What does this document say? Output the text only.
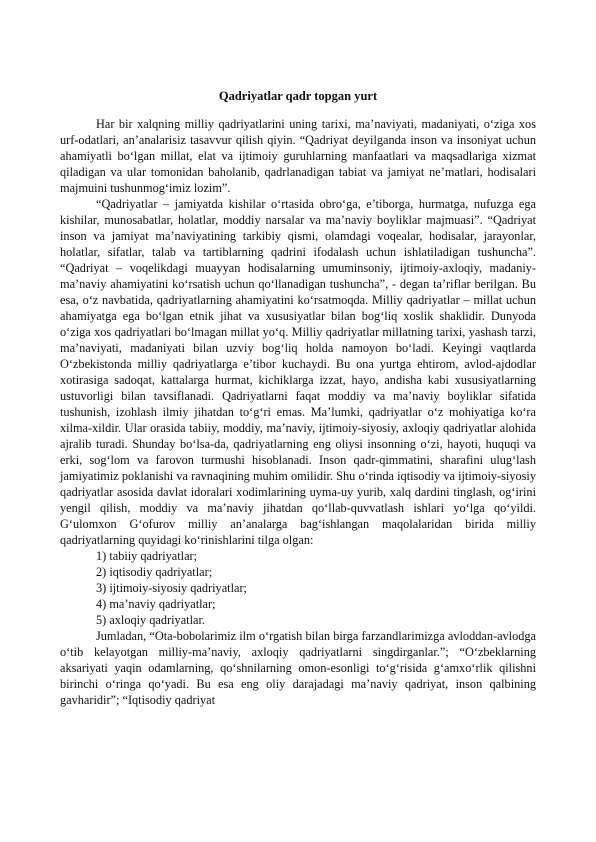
Qadriyatlar qadr topgan yurt

Har bir xalqning milliy qadriyatlarini uning tarixi, ma’naviyati, madaniyati, o‘ziga xos urf-odatlari, an’analarisiz tasavvur qilish qiyin. “Qadriyat deyilganda inson va insoniyat uchun ahamiyatli bo‘lgan millat, elat va ijtimoiy guruhlarning manfaatlari va maqsadlariga xizmat qiladigan va ular tomonidan baholanib, qadrlanadigan tabiat va jamiyat ne’matlari, hodisalari majmuini tushunmog‘imiz lozim”.

“Qadriyatlar – jamiyatda kishilar o‘rtasida obro‘ga, e’tiborga, hurmatga, nufuzga ega kishilar, munosabatlar, holatlar, moddiy narsalar va ma’naviy boyliklar majmuasi”. “Qadriyat inson va jamiyat ma’naviyatining tarkibiy qismi, olamdagi voqealar, hodisalar, jarayonlar, holatlar, sifatlar, talab va tartiblarning qadrini ifodalash uchun ishlatiladigan tushuncha”. “Qadriyat – voqelikdagi muayyan hodisalarning umuminsoniy, ijtimoiy-axloqiy, madaniy-ma’naviy ahamiyatini ko‘rsatish uchun qo‘llanadigan tushuncha”, - degan ta’riflar berilgan. Bu esa, o‘z navbatida, qadriyatlarning ahamiyatini ko‘rsatmoqda. Milliy qadriyatlar – millat uchun ahamiyatga ega bo‘lgan etnik jihat va xususiyatlar bilan bog‘liq xoslik shaklidir. Dunyoda o‘ziga xos qadriyatlari bo‘lmagan millat yo‘q. Milliy qadriyatlar millatning tarixi, yashash tarzi, ma’naviyati, madaniyati bilan uzviy bog‘liq holda namoyon bo‘ladi. Keyingi vaqtlarda O‘zbekistonda milliy qadriyatlarga e’tibor kuchaydi. Bu ona yurtga ehtirom, avlod-ajdodlar xotirasiga sadoqat, kattalarga hurmat, kichiklarga izzat, hayo, andisha kabi xususiyatlarning ustuvorligi bilan tavsiflanadi. Qadriyatlarni faqat moddiy va ma’naviy boyliklar sifatida tushunish, izohlash ilmiy jihatdan to‘g‘ri emas. Ma’lumki, qadriyatlar o‘z mohiyatiga ko‘ra xilma-xildir. Ular orasida tabiiy, moddiy, ma’naviy, ijtimoiy-siyosiy, axloqiy qadriyatlar alohida ajralib turadi. Shunday bo‘lsa-da, qadriyatlarning eng oliysi insonning o‘zi, hayoti, huquqi va erki, sog‘lom va farovon turmushi hisoblanadi. Inson qadr-qimmatini, sharafini ulug‘lash jamiyatimiz poklanishi va ravnaqining muhim omilidir. Shu o‘rinda iqtisodiy va ijtimoiy-siyosiy qadriyatlar asosida davlat idoralari xodimlarining uyma-uy yurib, xalq dardini tinglash, og‘irini yengil qilish, moddiy va ma’naviy jihatdan qo‘llab-quvvatlash ishlari yo‘lga qo‘yildi. G‘ulomxon G‘ofurov milliy an’analarga bag‘ishlangan maqolalaridan birida milliy qadriyatlarning quyidagi ko‘rinishlarini tilga olgan:

1) tabiiy qadriyatlar;
2) iqtisodiy qadriyatlar;
3) ijtimoiy-siyosiy qadriyatlar;
4) ma’naviy qadriyatlar;
5) axloqiy qadriyatlar.

Jumladan, “Ota-bobolarimiz ilm o‘rgatish bilan birga farzandlarimizga avloddan-avlodga o‘tib kelayotgan milliy-ma’naviy, axloqiy qadriyatlarni singdirganlar.”; “O‘zbeklarning aksariyati yaqin odamlarning, qo‘shnilarning omon-esonligi to‘g‘risida g‘amxo‘rlik qilishni birinchi o‘ringa qo‘yadi. Bu esa eng oliy darajadagi ma’naviy qadriyat, inson qalbining gavharidir”; “Iqtisodiy qadriyat
